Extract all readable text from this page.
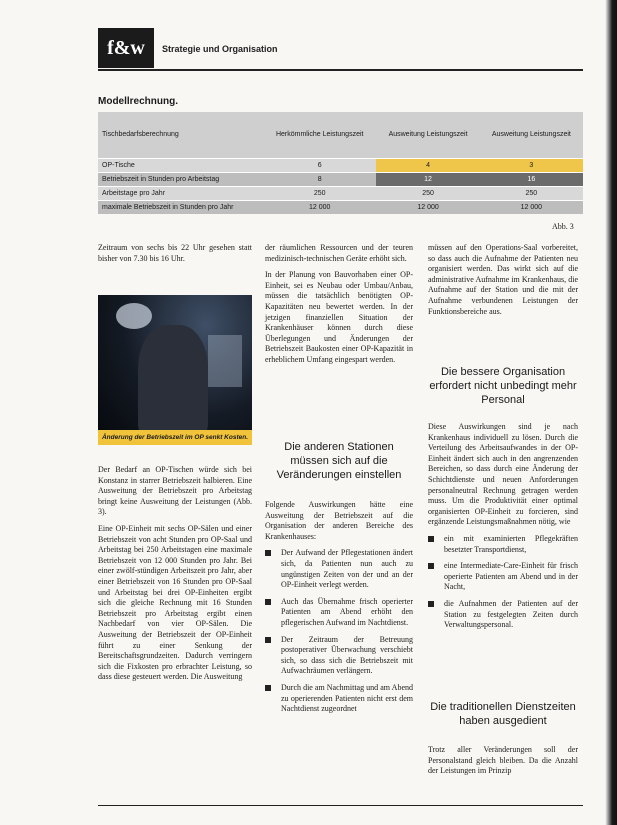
f&w	Strategie und Organisation
Modellrechnung.
Tischbedarfsberechnung	Herkömmliche Leistungszeit	Ausweitung Leistungszeit	Ausweitung Leistungszeit
OP-Tische	6	4	3
Betriebszeit in Stunden pro Arbeitstag	8	12	16
Arbeitstage pro Jahr	250	250	250
maximale Betriebszeit in Stunden pro Jahr	12 000	12 000	12 000
Abb. 3

Zeitraum von sechs bis 22 Uhr gesehen statt bisher von 7.30 bis 16 Uhr.

Änderung der Betriebszeit im OP senkt Kosten.

Der Bedarf an OP-Tischen würde sich bei Konstanz in starrer Betriebszeit halbieren. Eine Ausweitung der Betriebszeit pro Arbeitstag bringt keine Ausweitung der Leistungen (Abb. 3).

Eine OP-Einheit mit sechs OP-Sälen und einer Betriebszeit von acht Stunden pro OP-Saal und Arbeitstag bei 250 Arbeitstagen eine maximale Betriebszeit von 12 000 Stunden pro Jahr. Bei einer zwölf-stündigen Arbeitszeit pro Jahr, aber einer Betriebszeit von 16 Stunden pro OP-Saal und Arbeitstag bei drei OP-Einheiten ergibt sich die gleiche Rechnung mit 16 Stunden Betriebszeit pro Arbeitstag ergibt einen Nachbedarf von vier OP-Sälen. Die Ausweitung der Betriebszeit der OP-Einheit führt zu einer Senkung der Bereitschaftsgrundzeiten. Dadurch verringern sich die Fixkosten pro erbrachter Leistung, so dass diese gesteuert werden. Die Ausweitung

der räumlichen Ressourcen und der teuren medizinisch-technischen Geräte erhöht sich.

In der Planung von Bauvorhaben einer OP-Einheit, sei es Neubau oder Umbau/Anbau, müssen die tatsächlich benötigten OP-Kapazitäten neu bewertet werden. In der jetzigen finanziellen Situation der Krankenhäuser können durch diese Überlegungen und Änderungen der Betriebszeit Baukosten einer OP-Kapazität in erheblichem Umfang eingespart werden.

Die anderen Stationen müssen sich auf die Veränderungen einstellen

Folgende Auswirkungen hätte eine Ausweitung der Betriebszeit auf die Organisation der anderen Bereiche des Krankenhauses:

Der Aufwand der Pflegestationen ändert sich, da Patienten nun auch zu ungünstigen Zeiten von der und an der OP-Einheit verlegt werden.
Auch das Übernahme frisch operierter Patienten am Abend erhöht den pflegerischen Aufwand im Nachtdienst.
Der Zeitraum der Betreuung postoperativer Überwachung verschiebt sich, so dass sich die Betriebszeit mit Aufwachräumen verlängern.
Durch die am Nachmittag und am Abend zu operierenden Patienten nicht erst dem Nachtdienst zugeordnet

müssen auf den Operations-Saal vorbereitet, so dass auch die Aufnahme der Patienten neu organisiert werden. Das wirkt sich auf die administrative Aufnahme im Krankenhaus, die Aufnahme auf der Station und die mit der Aufnahme verbundenen Leistungen der Funktionsbereiche aus.

Die bessere Organisation erfordert nicht unbedingt mehr Personal

Diese Auswirkungen sind je nach Krankenhaus individuell zu lösen. Durch die Verteilung des Arbeitsaufwandes in der OP-Einheit ändert sich auch in den angrenzenden Bereichen, so dass durch eine Änderung der Schichtdienste und neuen Anforderungen personalneutral Rechnung getragen werden muss. Um die Produktivität einer optimal organisierten OP-Einheit zu forcieren, sind ergänzende Leistungsmaßnahmen nötig, wie

ein mit examinierten Pflegekräften besetzter Transportdienst,
eine Intermediate-Care-Einheit für frisch operierte Patienten am Abend und in der Nacht,
die Aufnahmen der Patienten auf der Station zu festgelegten Zeiten durch Verwaltungspersonal.
Die traditionellen Dienstzeiten haben ausgedient

Trotz aller Veränderungen soll der Personalstand gleich bleiben. Da die Anzahl der Leistungen im Prinzip
